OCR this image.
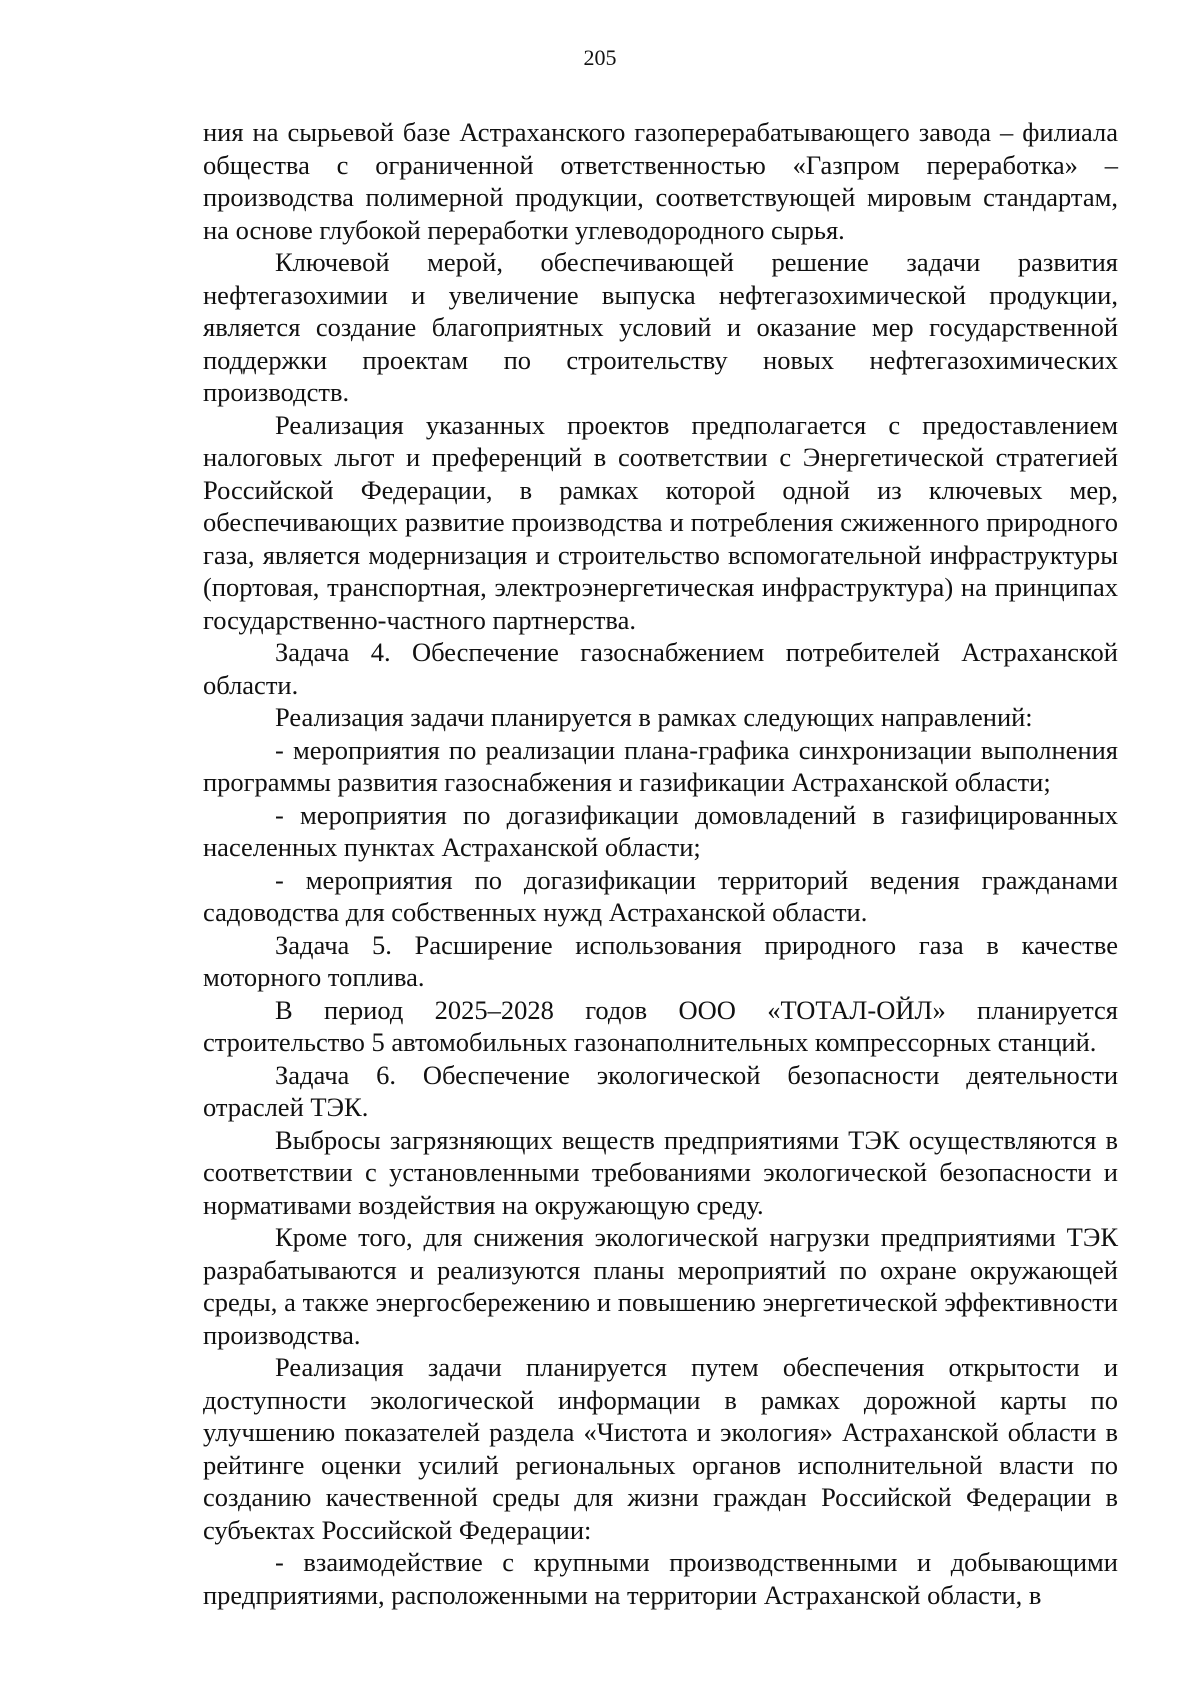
205

ния на сырьевой базе Астраханского газоперерабатывающего завода – филиала общества с ограниченной ответственностью «Газпром переработка» – производства полимерной продукции, соответствующей мировым стандартам, на основе глубокой переработки углеводородного сырья.

Ключевой мерой, обеспечивающей решение задачи развития нефтегазохимии и увеличение выпуска нефтегазохимической продукции, является создание благоприятных условий и оказание мер государственной поддержки проектам по строительству новых нефтегазохимических производств.

Реализация указанных проектов предполагается с предоставлением налоговых льгот и преференций в соответствии с Энергетической стратегией Российской Федерации, в рамках которой одной из ключевых мер, обеспечивающих развитие производства и потребления сжиженного природного газа, является модернизация и строительство вспомогательной инфраструктуры (портовая, транспортная, электроэнергетическая инфраструктура) на принципах государственно-частного партнерства.

Задача 4. Обеспечение газоснабжением потребителей Астраханской области.

Реализация задачи планируется в рамках следующих направлений:

- мероприятия по реализации плана-графика синхронизации выполнения программы развития газоснабжения и газификации Астраханской области;

- мероприятия по догазификации домовладений в газифицированных населенных пунктах Астраханской области;

- мероприятия по догазификации территорий ведения гражданами садоводства для собственных нужд Астраханской области.

Задача 5. Расширение использования природного газа в качестве моторного топлива.

В период 2025–2028 годов ООО «ТОТАЛ-ОЙЛ» планируется строительство 5 автомобильных газонаполнительных компрессорных станций.

Задача 6. Обеспечение экологической безопасности деятельности отраслей ТЭК.

Выбросы загрязняющих веществ предприятиями ТЭК осуществляются в соответствии с установленными требованиями экологической безопасности и нормативами воздействия на окружающую среду.

Кроме того, для снижения экологической нагрузки предприятиями ТЭК разрабатываются и реализуются планы мероприятий по охране окружающей среды, а также энергосбережению и повышению энергетической эффективности производства.

Реализация задачи планируется путем обеспечения открытости и доступности экологической информации в рамках дорожной карты по улучшению показателей раздела «Чистота и экология» Астраханской области в рейтинге оценки усилий региональных органов исполнительной власти по созданию качественной среды для жизни граждан Российской Федерации в субъектах Российской Федерации:

- взаимодействие с крупными производственными и добывающими предприятиями, расположенными на территории Астраханской области, в
